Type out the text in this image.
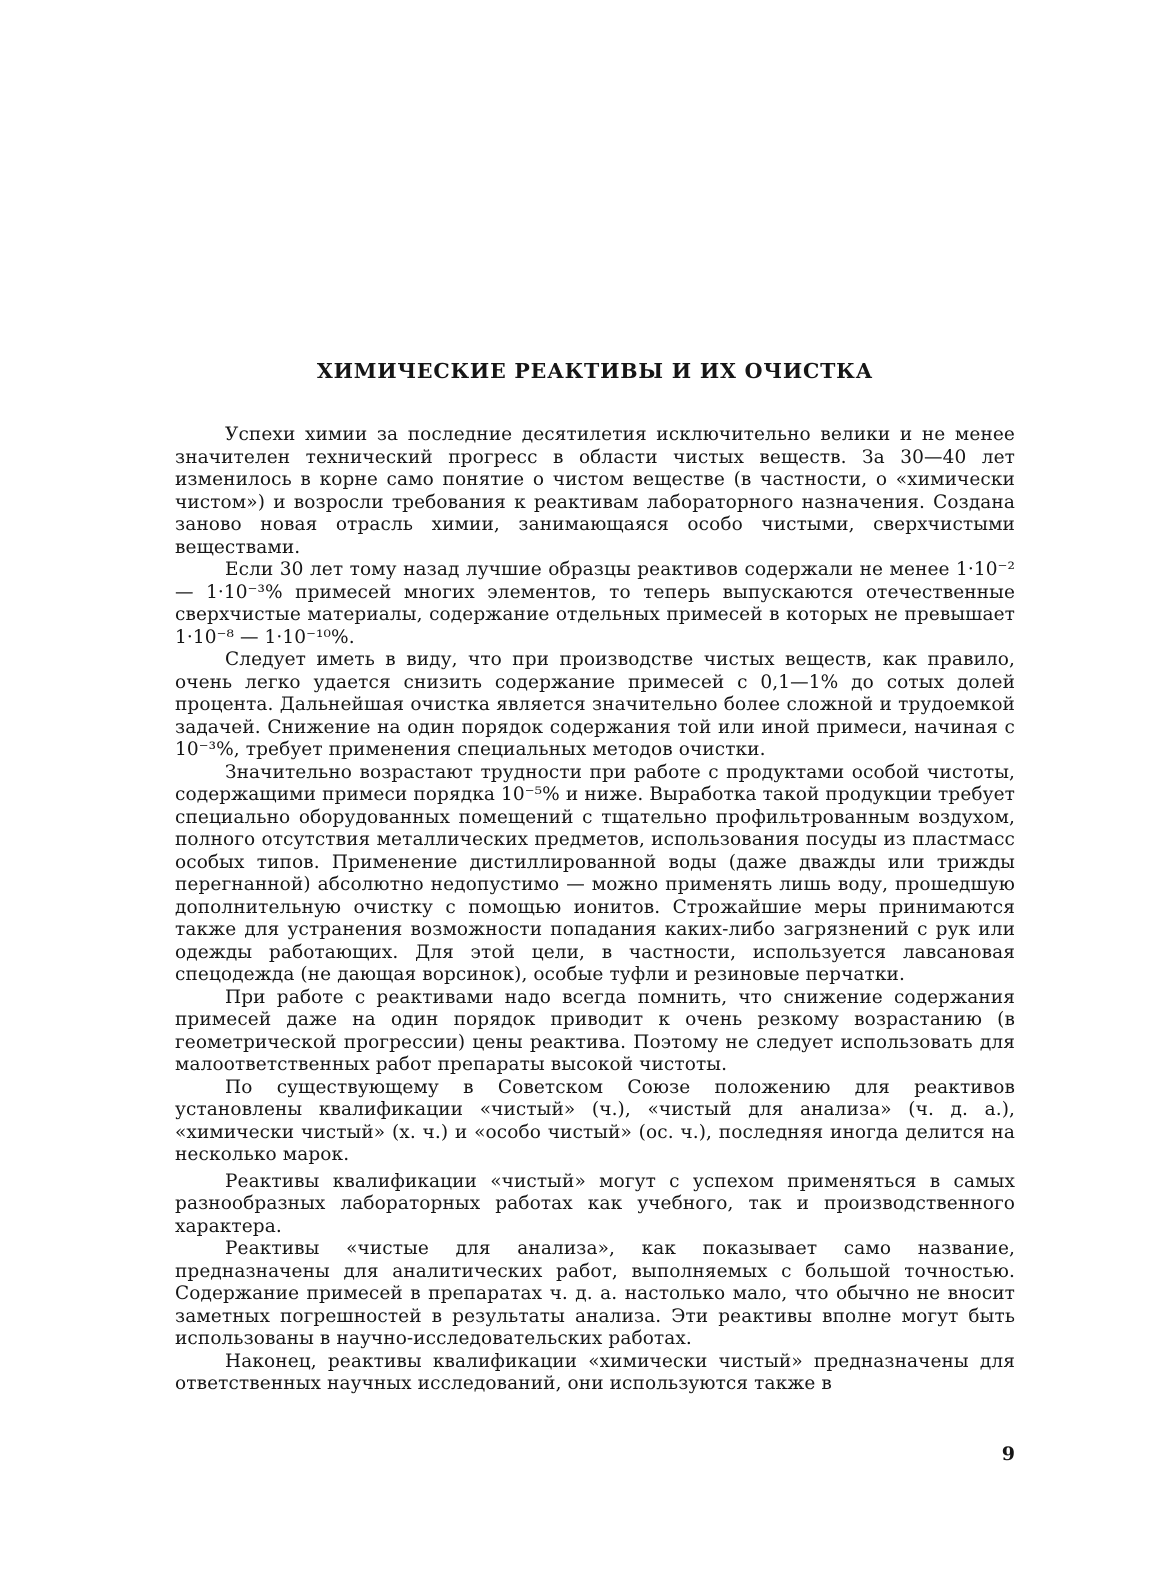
ХИМИЧЕСКИЕ РЕАКТИВЫ И ИХ ОЧИСТКА

Успехи химии за последние десятилетия исключительно велики и не менее значителен технический прогресс в области чистых веществ. За 30—40 лет изменилось в корне само понятие о чистом веществе (в частности, о «химически чистом») и возросли требования к реактивам лабораторного назначения. Создана заново новая отрасль химии, занимающаяся особо чистыми, сверхчистыми веществами.

Если 30 лет тому назад лучшие образцы реактивов содержали не менее 1·10⁻² — 1·10⁻³% примесей многих элементов, то теперь выпускаются отечественные сверхчистые материалы, содержание отдельных примесей в которых не превышает 1·10⁻⁸ — 1·10⁻¹⁰%.

Следует иметь в виду, что при производстве чистых веществ, как правило, очень легко удается снизить содержание примесей с 0,1—1% до сотых долей процента. Дальнейшая очистка является значительно более сложной и трудоемкой задачей. Снижение на один порядок содержания той или иной примеси, начиная с 10⁻³%, требует применения специальных методов очистки.

Значительно возрастают трудности при работе с продуктами особой чистоты, содержащими примеси порядка 10⁻⁵% и ниже. Выработка такой продукции требует специально оборудованных помещений с тщательно профильтрованным воздухом, полного отсутствия металлических предметов, использования посуды из пластмасс особых типов. Применение дистиллированной воды (даже дважды или трижды перегнанной) абсолютно недопустимо — можно применять лишь воду, прошедшую дополнительную очистку с помощью ионитов. Строжайшие меры принимаются также для устранения возможности попадания каких-либо загрязнений с рук или одежды работающих. Для этой цели, в частности, используется лавсановая спецодежда (не дающая ворсинок), особые туфли и резиновые перчатки.

При работе с реактивами надо всегда помнить, что снижение содержания примесей даже на один порядок приводит к очень резкому возрастанию (в геометрической прогрессии) цены реактива. Поэтому не следует использовать для малоответственных работ препараты высокой чистоты.

По существующему в Советском Союзе положению для реактивов установлены квалификации «чистый» (ч.), «чистый для анализа» (ч. д. а.), «химически чистый» (х. ч.) и «особо чистый» (ос. ч.), последняя иногда делится на несколько марок.

Реактивы квалификации «чистый» могут с успехом применяться в самых разнообразных лабораторных работах как учебного, так и производственного характера.

Реактивы «чистые для анализа», как показывает само название, предназначены для аналитических работ, выполняемых с большой точностью. Содержание примесей в препаратах ч. д. а. настолько мало, что обычно не вносит заметных погрешностей в результаты анализа. Эти реактивы вполне могут быть использованы в научно-исследовательских работах.

Наконец, реактивы квалификации «химически чистый» предназначены для ответственных научных исследований, они используются также в

9
